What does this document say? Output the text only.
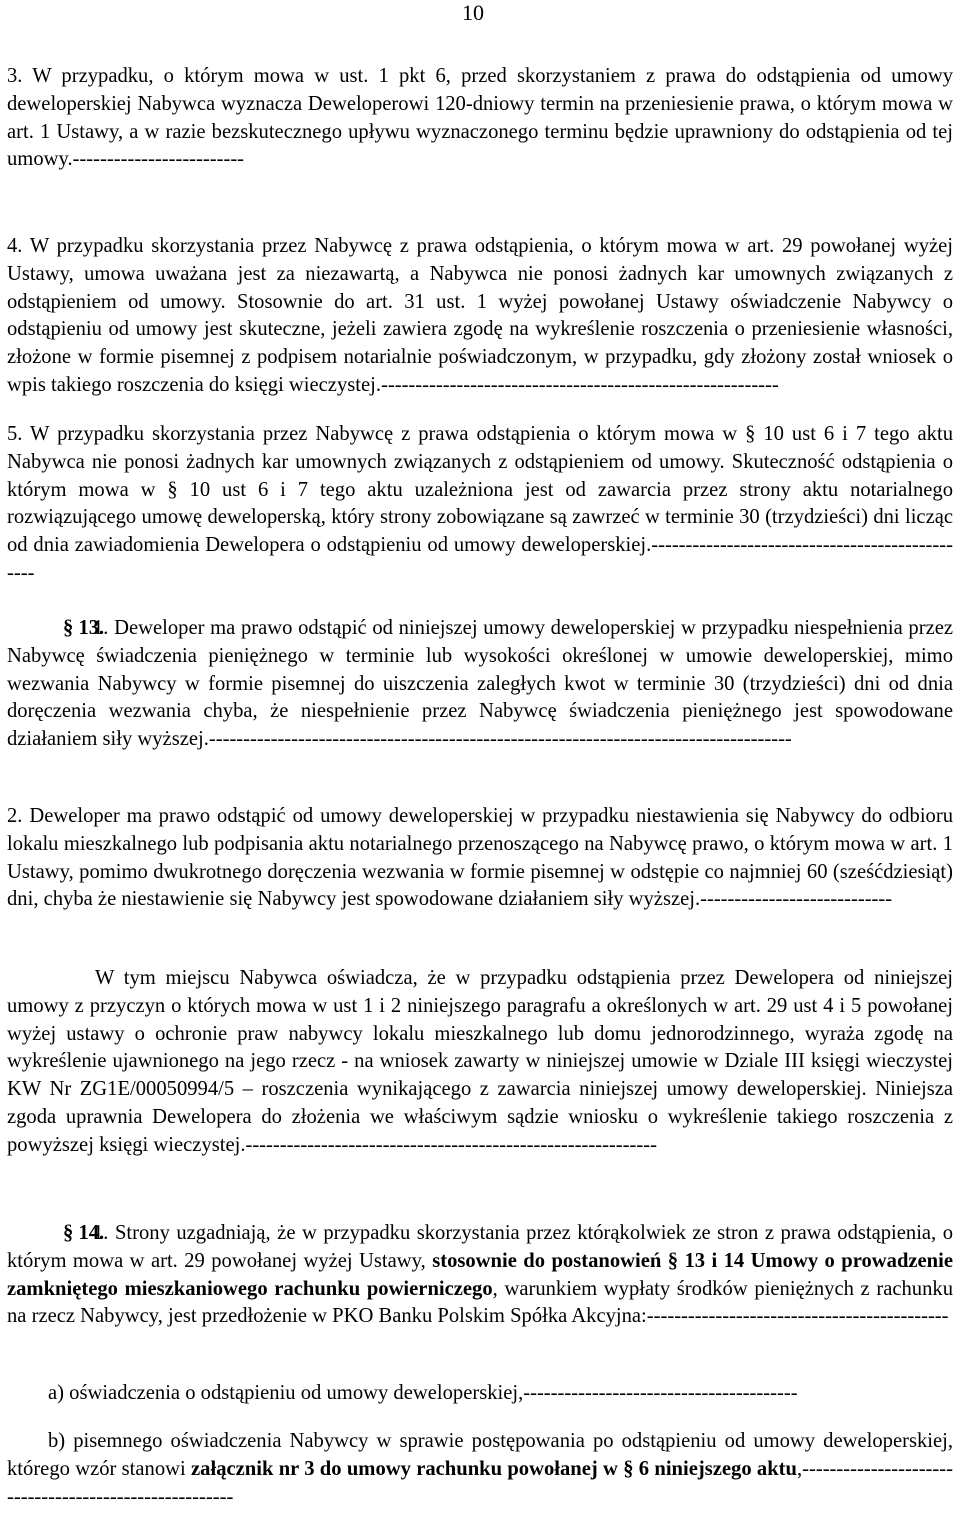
10

3. W przypadku, o którym mowa w ust. 1 pkt 6, przed skorzystaniem z prawa do odstąpienia od umowy deweloperskiej Nabywca wyznacza Deweloperowi 120-dniowy termin na przeniesienie prawa, o którym mowa w art. 1 Ustawy, a w razie bezskutecznego upływu wyznaczonego terminu będzie uprawniony do odstąpienia od tej umowy.-------------------------

4. W przypadku skorzystania przez Nabywcę z prawa odstąpienia, o którym mowa w art. 29 powołanej wyżej Ustawy, umowa uważana jest za niezawartą, a Nabywca nie ponosi żadnych kar umownych związanych z odstąpieniem od umowy. Stosownie do art. 31 ust. 1 wyżej powołanej Ustawy oświadczenie Nabywcy o odstąpieniu od umowy jest skuteczne, jeżeli zawiera zgodę na wykreślenie roszczenia o przeniesienie własności, złożone w formie pisemnej z podpisem notarialnie poświadczonym, w przypadku, gdy złożony został wniosek o wpis takiego roszczenia do księgi wieczystej.----------------------------------------------------------

5. W przypadku skorzystania przez Nabywcę z prawa odstąpienia o którym mowa w § 10 ust 6 i 7 tego aktu Nabywca nie ponosi żadnych kar umownych związanych z odstąpieniem od umowy. Skuteczność odstąpienia o którym mowa w § 10 ust 6 i 7 tego aktu uzależniona jest od zawarcia przez strony aktu notarialnego rozwiązującego umowę deweloperską, który strony zobowiązane są zawrzeć w terminie 30 (trzydzieści) dni licząc od dnia zawiadomienia Dewelopera o odstąpieniu od umowy deweloperskiej.------------------------------------------------

§ 13.
1. Deweloper ma prawo odstąpić od niniejszej umowy deweloperskiej w przypadku niespełnienia przez Nabywcę świadczenia pieniężnego w terminie lub wysokości określonej w umowie deweloperskiej, mimo wezwania Nabywcy w formie pisemnej do uiszczenia zaległych kwot w terminie 30 (trzydzieści) dni od dnia doręczenia wezwania chyba, że niespełnienie przez Nabywcę świadczenia pieniężnego jest spowodowane działaniem siły wyższej.-------------------------------------------------------------------------------------

2. Deweloper ma prawo odstąpić od umowy deweloperskiej w przypadku niestawienia się Nabywcy do odbioru lokalu mieszkalnego lub podpisania aktu notarialnego przenoszącego na Nabywcę prawo, o którym mowa w art. 1 Ustawy, pomimo dwukrotnego doręczenia wezwania w formie pisemnej w odstępie co najmniej 60 (sześćdziesiąt) dni, chyba że niestawienie się Nabywcy jest spowodowane działaniem siły wyższej.----------------------------

W tym miejscu Nabywca oświadcza, że w przypadku odstąpienia przez Dewelopera od niniejszej umowy z przyczyn o których mowa w ust 1 i 2 niniejszego paragrafu a określonych w art. 29 ust 4 i 5 powołanej wyżej ustawy o ochronie praw nabywcy lokalu mieszkalnego lub domu jednorodzinnego, wyraża zgodę na wykreślenie ujawnionego na jego rzecz - na wniosek zawarty w niniejszej umowie w Dziale III księgi wieczystej KW Nr ZG1E/00050994/5 – roszczenia wynikającego z zawarcia niniejszej umowy deweloperskiej. Niniejsza zgoda uprawnia Dewelopera do złożenia we właściwym sądzie wniosku o wykreślenie takiego roszczenia z powyższej księgi wieczystej.------------------------------------------------------------

§ 14.
1. Strony uzgadniają, że w przypadku skorzystania przez którąkolwiek ze stron z prawa odstąpienia, o którym mowa w art. 29 powołanej wyżej Ustawy, stosownie do postanowień § 13 i 14 Umowy o prowadzenie zamkniętego mieszkaniowego rachunku powierniczego, warunkiem wypłaty środków pieniężnych z rachunku na rzecz Nabywcy, jest przedłożenie w PKO Banku Polskim Spółka Akcyjna:--------------------------------------------

a) oświadczenia o odstąpieniu od umowy deweloperskiej,----------------------------------------

b) pisemnego oświadczenia Nabywcy w sprawie postępowania po odstąpieniu od umowy deweloperskiej, którego wzór stanowi załącznik nr 3 do umowy rachunku powołanej w § 6 niniejszego aktu,-------------------------------------------------------
